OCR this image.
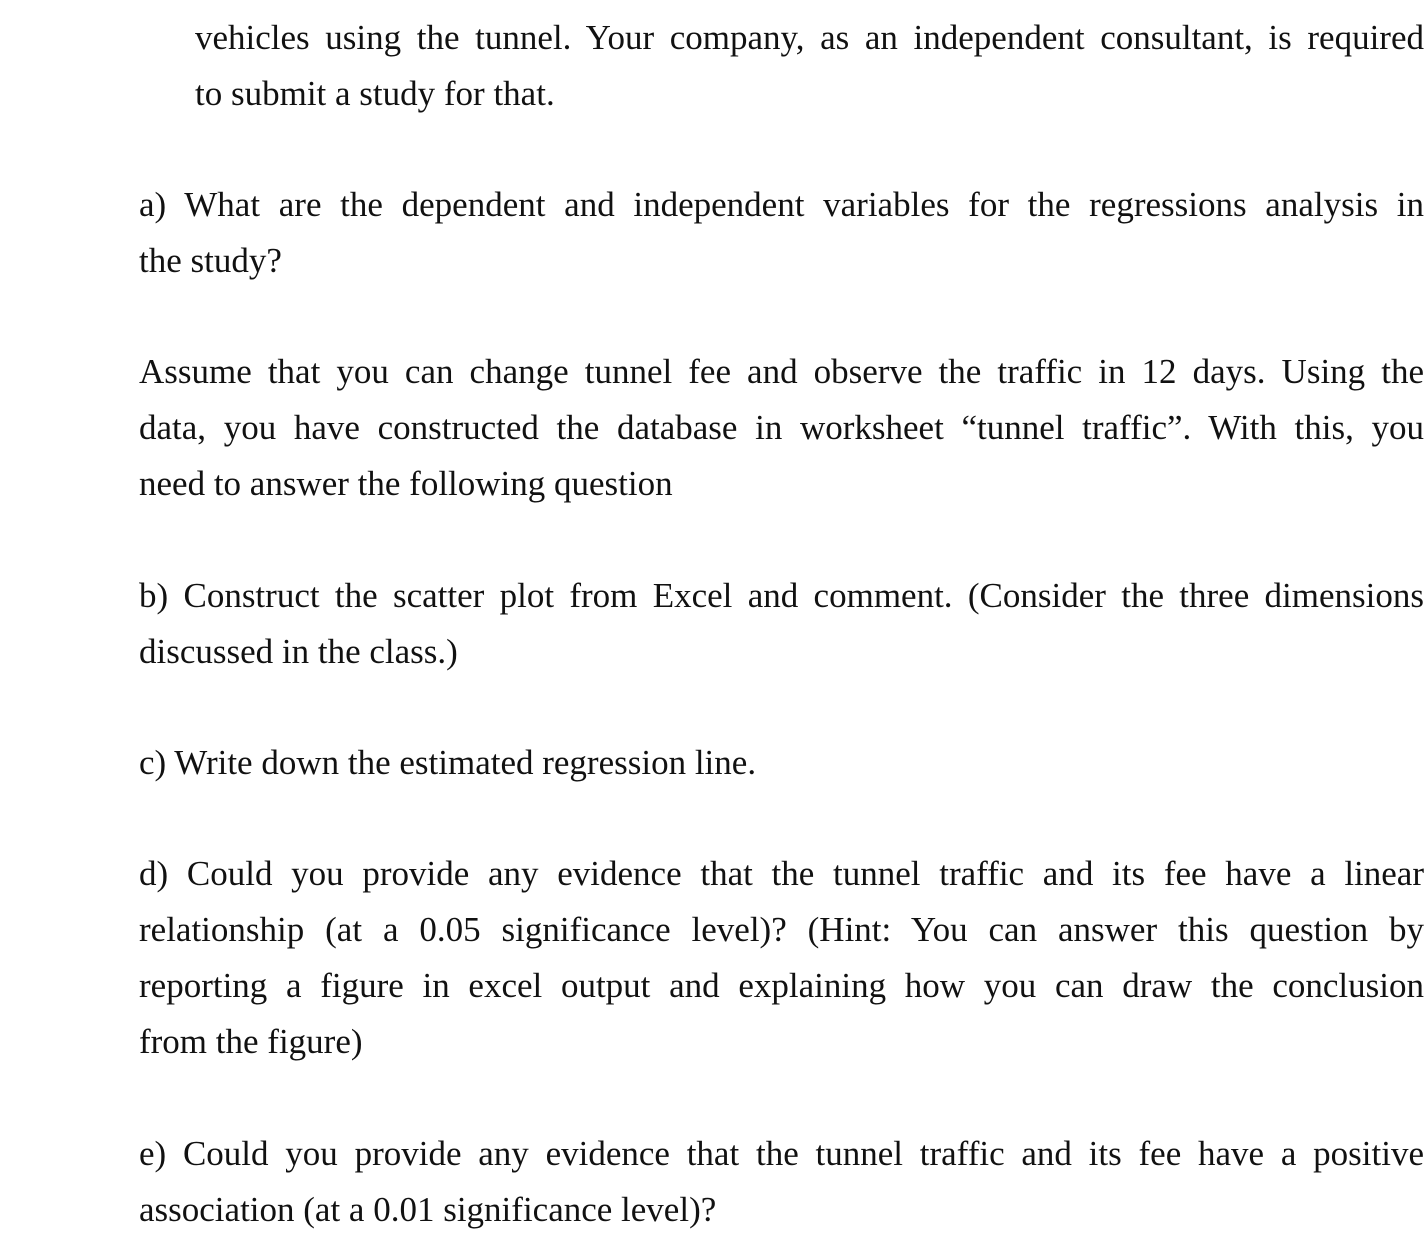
vehicles using the tunnel. Your company, as an independent consultant, is required
to submit a study for that.
a) What are the dependent and independent variables for the regressions analysis in
the study?
Assume that you can change tunnel fee and observe the traffic in 12 days. Using the
data, you have constructed the database in worksheet “tunnel traffic”. With this, you
need to answer the following question
b) Construct the scatter plot from Excel and comment. (Consider the three dimensions
discussed in the class.)
c) Write down the estimated regression line.
d) Could you provide any evidence that the tunnel traffic and its fee have a linear
relationship (at a 0.05 significance level)? (Hint: You can answer this question by
reporting a figure in excel output and explaining how you can draw the conclusion
from the figure)
e) Could you provide any evidence that the tunnel traffic and its fee have a positive
association (at a 0.01 significance level)?
